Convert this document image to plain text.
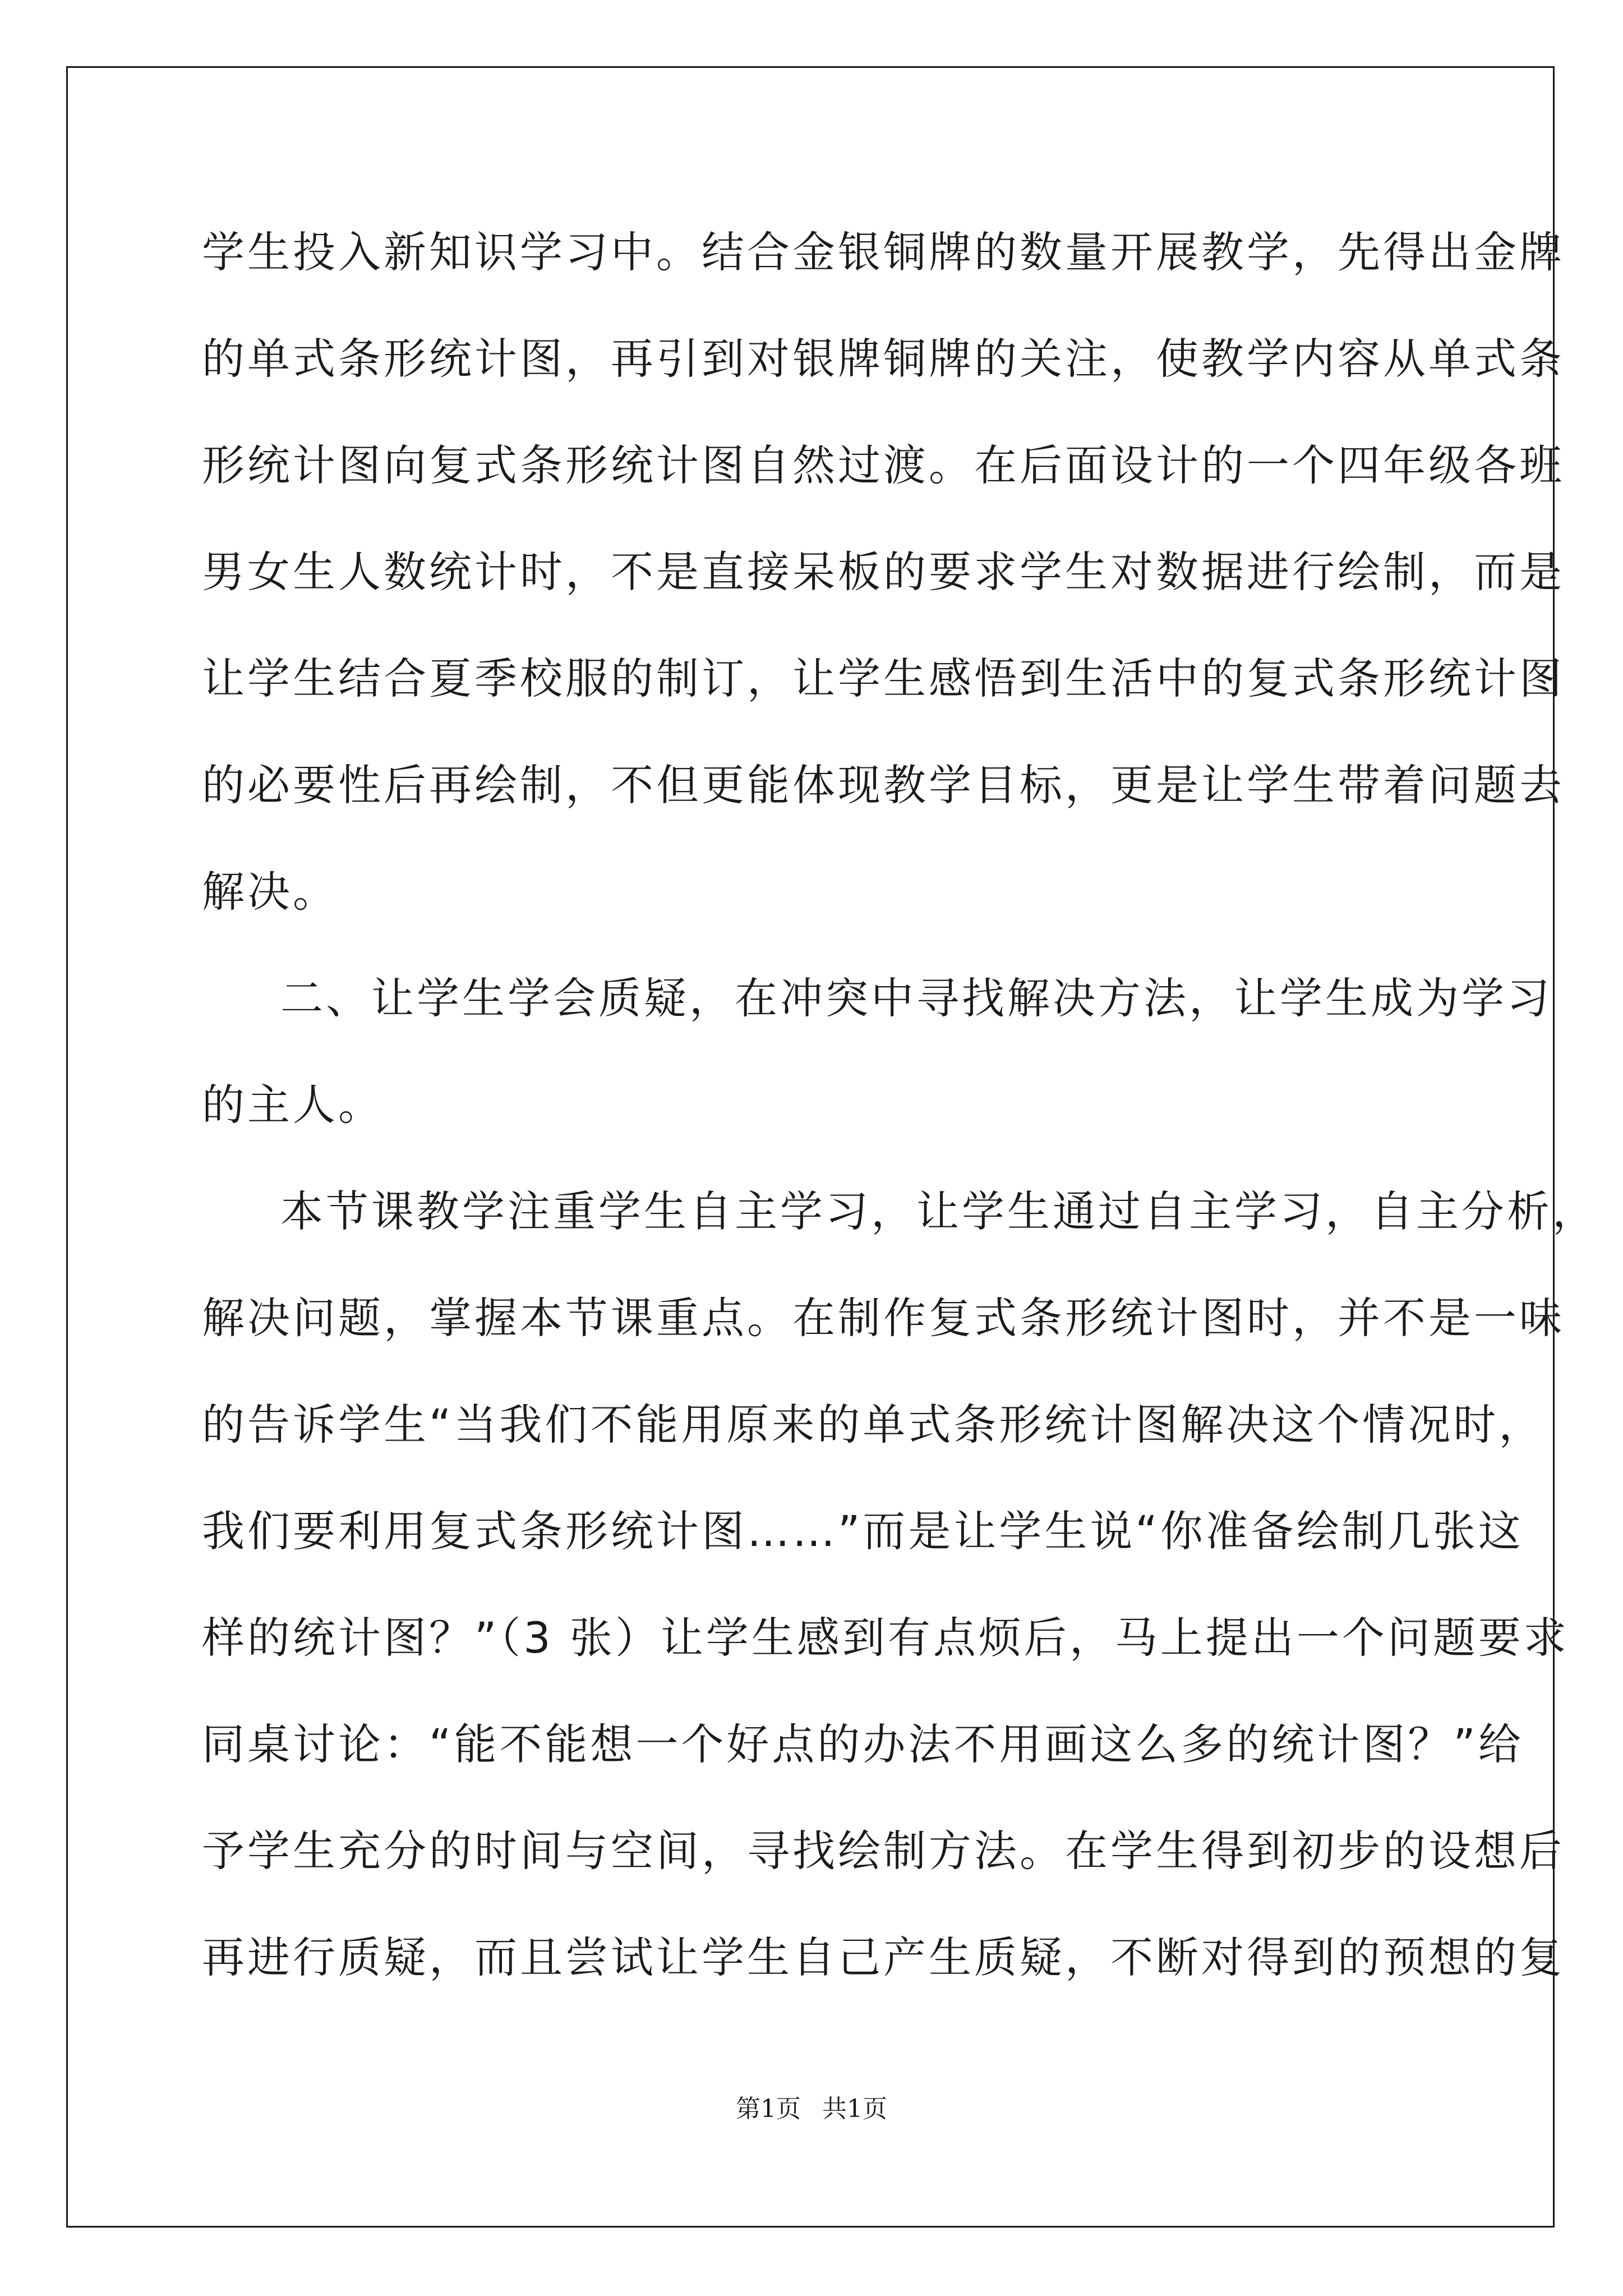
学生投入新知识学习中。结合金银铜牌的数量开展教学，先得出金牌
的单式条形统计图，再引到对银牌铜牌的关注，使教学内容从单式条
形统计图向复式条形统计图自然过渡。在后面设计的一个四年级各班
男女生人数统计时，不是直接呆板的要求学生对数据进行绘制，而是
让学生结合夏季校服的制订，让学生感悟到生活中的复式条形统计图
的必要性后再绘制，不但更能体现教学目标，更是让学生带着问题去
解决。
二、让学生学会质疑，在冲突中寻找解决方法，让学生成为学习
的主人。
本节课教学注重学生自主学习，让学生通过自主学习，自主分析，
解决问题，掌握本节课重点。在制作复式条形统计图时，并不是一味
的告诉学生“当我们不能用原来的单式条形统计图解决这个情况时，
我们要利用复式条形统计图……”而是让学生说“你准备绘制几张这
样的统计图？”（3 张）让学生感到有点烦后，马上提出一个问题要求
同桌讨论：“能不能想一个好点的办法不用画这么多的统计图？”给
予学生充分的时间与空间，寻找绘制方法。在学生得到初步的设想后
再进行质疑，而且尝试让学生自己产生质疑，不断对得到的预想的复
第1页 共1页
